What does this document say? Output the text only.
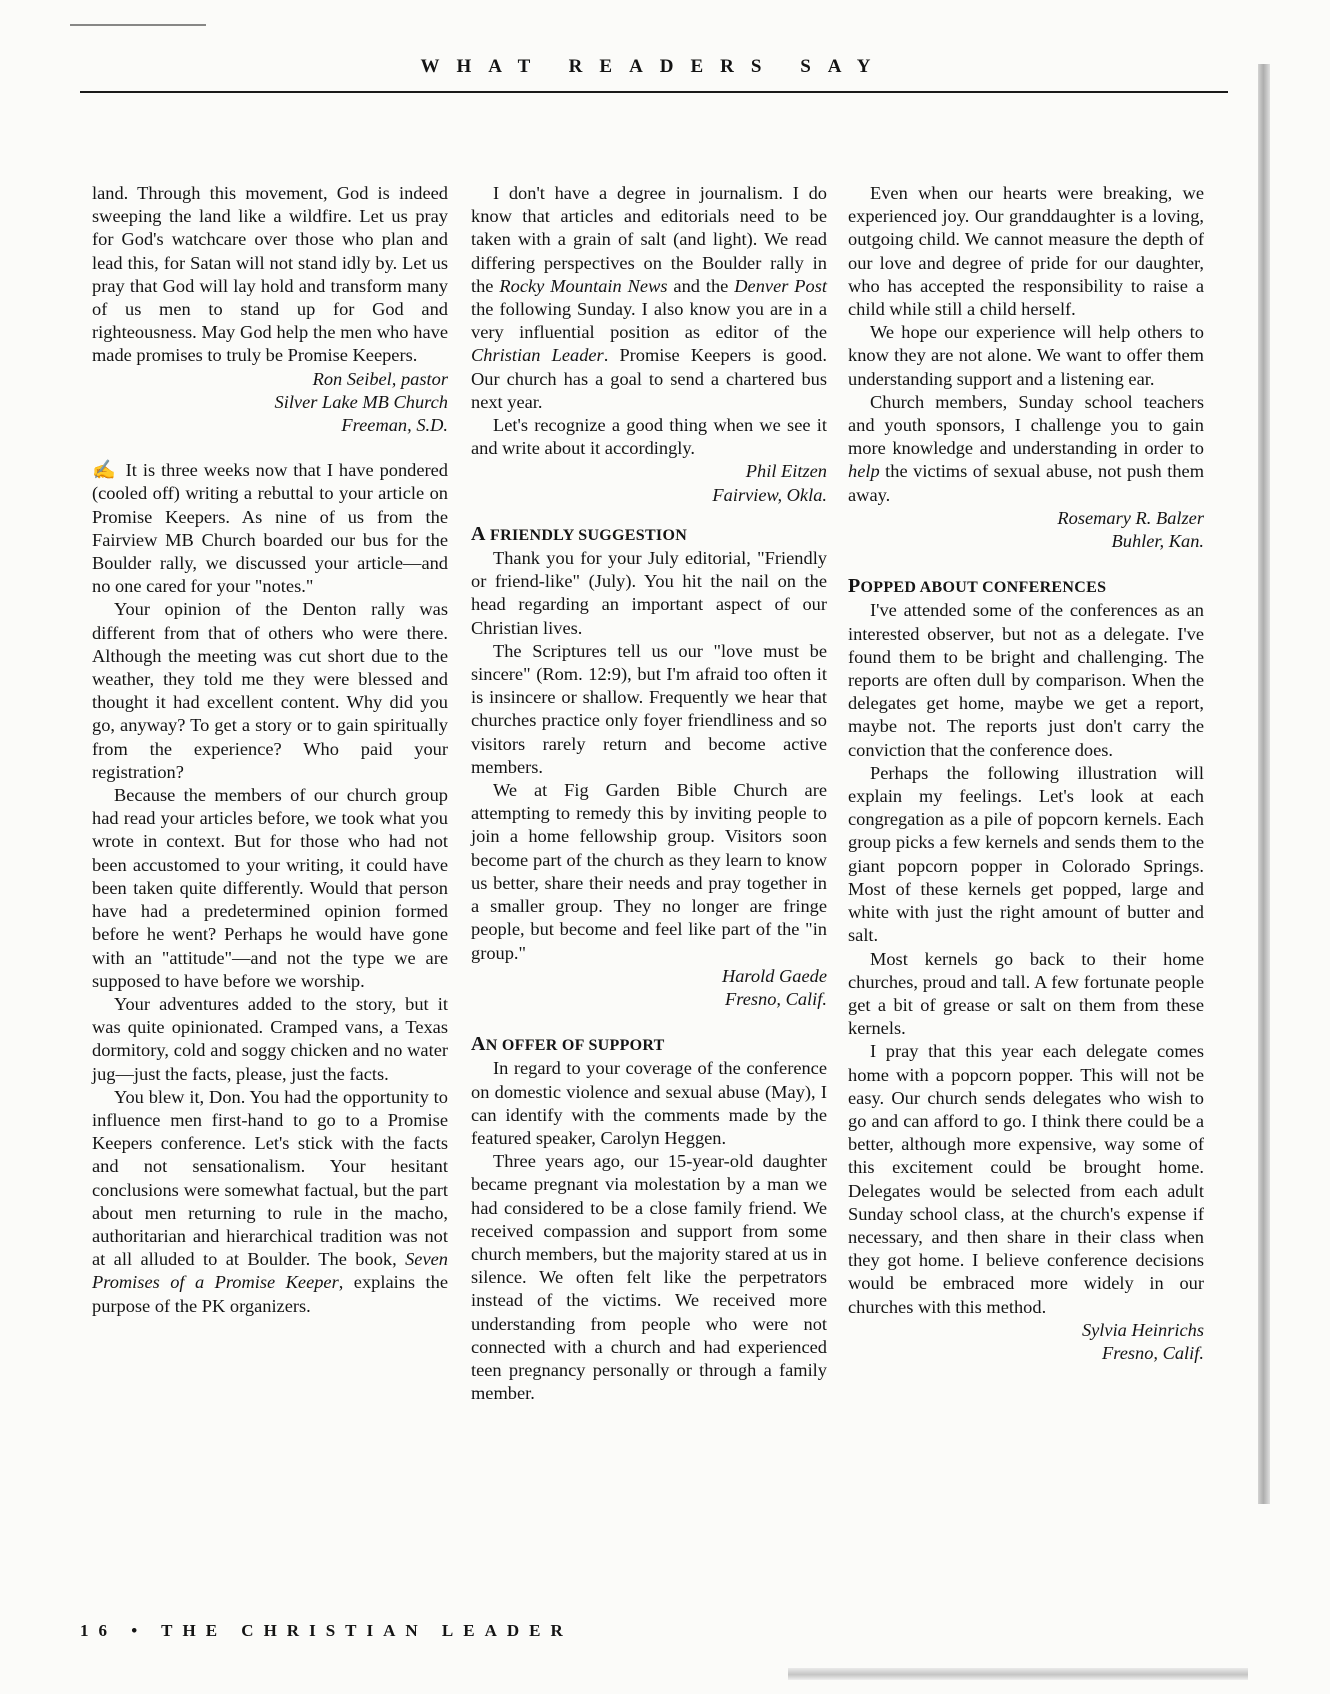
WHAT READERS SAY

land. Through this movement, God is indeed sweeping the land like a wildfire. Let us pray for God's watchcare over those who plan and lead this, for Satan will not stand idly by. Let us pray that God will lay hold and transform many of us men to stand up for God and righteousness. May God help the men who have made promises to truly be Promise Keepers.

Ron Seibel, pastor
Silver Lake MB Church
Freeman, S.D.

✍ It is three weeks now that I have pondered (cooled off) writing a rebuttal to your article on Promise Keepers. As nine of us from the Fairview MB Church boarded our bus for the Boulder rally, we discussed your article—and no one cared for your "notes."

Your opinion of the Denton rally was different from that of others who were there. Although the meeting was cut short due to the weather, they told me they were blessed and thought it had excellent content. Why did you go, anyway? To get a story or to gain spiritually from the experience? Who paid your registration?

Because the members of our church group had read your articles before, we took what you wrote in context. But for those who had not been accustomed to your writing, it could have been taken quite differently. Would that person have had a predetermined opinion formed before he went? Perhaps he would have gone with an "attitude"—and not the type we are supposed to have before we worship.

Your adventures added to the story, but it was quite opinionated. Cramped vans, a Texas dormitory, cold and soggy chicken and no water jug—just the facts, please, just the facts.

You blew it, Don. You had the opportunity to influence men first-hand to go to a Promise Keepers conference. Let's stick with the facts and not sensationalism. Your hesitant conclusions were somewhat factual, but the part about men returning to rule in the macho, authoritarian and hierarchical tradition was not at all alluded to at Boulder. The book, Seven Promises of a Promise Keeper, explains the purpose of the PK organizers.

I don't have a degree in journalism. I do know that articles and editorials need to be taken with a grain of salt (and light). We read differing perspectives on the Boulder rally in the Rocky Mountain News and the Denver Post the following Sunday. I also know you are in a very influential position as editor of the Christian Leader. Promise Keepers is good. Our church has a goal to send a chartered bus next year.

Let's recognize a good thing when we see it and write about it accordingly.

Phil Eitzen
Fairview, Okla.
A FRIENDLY SUGGESTION

Thank you for your July editorial, "Friendly or friend-like" (July). You hit the nail on the head regarding an important aspect of our Christian lives.

The Scriptures tell us our "love must be sincere" (Rom. 12:9), but I'm afraid too often it is insincere or shallow. Frequently we hear that churches practice only foyer friendliness and so visitors rarely return and become active members.

We at Fig Garden Bible Church are attempting to remedy this by inviting people to join a home fellowship group. Visitors soon become part of the church as they learn to know us better, share their needs and pray together in a smaller group. They no longer are fringe people, but become and feel like part of the "in group."

Harold Gaede
Fresno, Calif.
AN OFFER OF SUPPORT

In regard to your coverage of the conference on domestic violence and sexual abuse (May), I can identify with the comments made by the featured speaker, Carolyn Heggen.

Three years ago, our 15-year-old daughter became pregnant via molestation by a man we had considered to be a close family friend. We received compassion and support from some church members, but the majority stared at us in silence. We often felt like the perpetrators instead of the victims. We received more understanding from people who were not connected with a church and had experienced teen pregnancy personally or through a family member.

Even when our hearts were breaking, we experienced joy. Our granddaughter is a loving, outgoing child. We cannot measure the depth of our love and degree of pride for our daughter, who has accepted the responsibility to raise a child while still a child herself.

We hope our experience will help others to know they are not alone. We want to offer them understanding support and a listening ear.

Church members, Sunday school teachers and youth sponsors, I challenge you to gain more knowledge and understanding in order to help the victims of sexual abuse, not push them away.

Rosemary R. Balzer
Buhler, Kan.
POPPED ABOUT CONFERENCES

I've attended some of the conferences as an interested observer, but not as a delegate. I've found them to be bright and challenging. The reports are often dull by comparison. When the delegates get home, maybe we get a report, maybe not. The reports just don't carry the conviction that the conference does.

Perhaps the following illustration will explain my feelings. Let's look at each congregation as a pile of popcorn kernels. Each group picks a few kernels and sends them to the giant popcorn popper in Colorado Springs. Most of these kernels get popped, large and white with just the right amount of butter and salt.

Most kernels go back to their home churches, proud and tall. A few fortunate people get a bit of grease or salt on them from these kernels.

I pray that this year each delegate comes home with a popcorn popper. This will not be easy. Our church sends delegates who wish to go and can afford to go. I think there could be a better, although more expensive, way some of this excitement could be brought home. Delegates would be selected from each adult Sunday school class, at the church's expense if necessary, and then share in their class when they got home. I believe conference decisions would be embraced more widely in our churches with this method.

Sylvia Heinrichs
Fresno, Calif.
16 • THE CHRISTIAN LEADER
